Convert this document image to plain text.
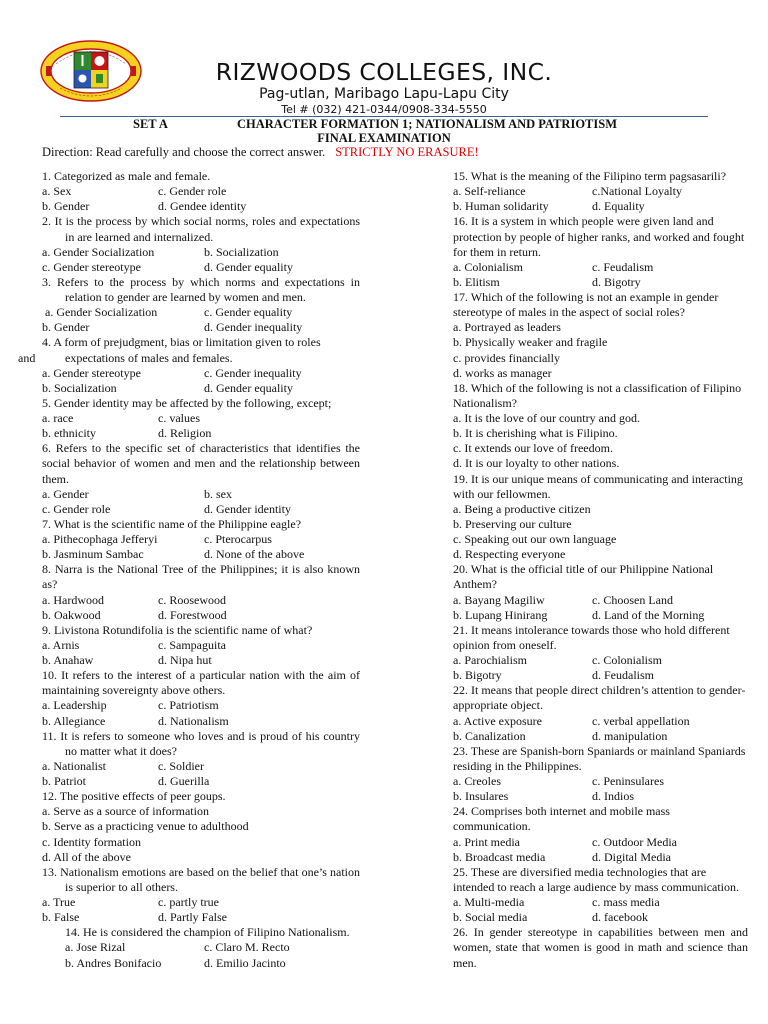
RIZWOODS COLLEGES, INC.
Pag-utlan, Maribago Lapu-Lapu City
Tel # (032) 421-0344/0908-334-5550
SET A	CHARACTER FORMATION 1; NATIONALISM AND PATRIOTISM
FINAL EXAMINATION
Direction: Read carefully and choose the correct answer. STRICTLY NO ERASURE!
1. Categorized as male and female.
a. Sex	c. Gender role
b. Gender	d. Gendee identity
2. It is the process by which social norms, roles and expectations in are learned and internalized.
a. Gender Socialization	b. Socialization
c. Gender stereotype	d. Gender equality
3. Refers to the process by which norms and expectations in relation to gender are learned by women and men.
a. Gender Socialization	c. Gender equality
b. Gender	d. Gender inequality
4. A form of prejudgment, bias or limitation given to roles
and	expectations of males and females.
a. Gender stereotype	c. Gender inequality
b. Socialization	d. Gender equality
5. Gender identity may be affected by the following, except;
a. race	c. values
b. ethnicity	d. Religion
6. Refers to the specific set of characteristics that identifies the social behavior of women and men and the relationship between them.
a. Gender	b. sex
c. Gender role	d. Gender identity
7. What is the scientific name of the Philippine eagle?
a. Pithecophaga Jefferyi	c. Pterocarpus
b. Jasminum Sambac	d. None of the above
8. Narra is the National Tree of the Philippines; it is also known as?
a. Hardwood	c. Roosewood
b. Oakwood	d. Forestwood
9. Livistona Rotundifolia is the scientific name of what?
a. Arnis	c. Sampaguita
b. Anahaw	d. Nipa hut
10. It refers to the interest of a particular nation with the aim of maintaining sovereignty above others.
a. Leadership	c. Patriotism
b. Allegiance	d. Nationalism
11. It is refers to someone who loves and is proud of his country no matter what it does?
a. Nationalist	c. Soldier
b. Patriot	d. Guerilla
12. The positive effects of peer goups.
a. Serve as a source of information
b. Serve as a practicing venue to adulthood
c. Identity formation
d. All of the above
13. Nationalism emotions are based on the belief that one’s nation is superior to all others.
a. True	c. partly true
b. False	d. Partly False
14. He is considered the champion of Filipino Nationalism.
a. Jose Rizal	c. Claro M. Recto
b. Andres Bonifacio	d. Emilio Jacinto
15. What is the meaning of the Filipino term pagsasarili?
a. Self-reliance	c.National Loyalty
b. Human solidarity	d. Equality
16. It is a system in which people were given land and protection by people of higher ranks, and worked and fought for them in return.
a. Colonialism	c. Feudalism
b. Elitism	d. Bigotry
17. Which of the following is not an example in gender stereotype of males in the aspect of social roles?
a. Portrayed as leaders
b. Physically weaker and fragile
c. provides financially
d. works as manager
18. Which of the following is not a classification of Filipino Nationalism?
a. It is the love of our country and god.
b. It is cherishing what is Filipino.
c. It extends our love of freedom.
d. It is our loyalty to other nations.
19. It is our unique means of communicating and interacting with our fellowmen.
a. Being a productive citizen
b. Preserving our culture
c. Speaking out our own language
d. Respecting everyone
20. What is the official title of our Philippine National Anthem?
a. Bayang Magiliw	c. Choosen Land
b. Lupang Hinirang	d. Land of the Morning
21. It means intolerance towards those who hold different opinion from oneself.
a. Parochialism	c. Colonialism
b. Bigotry	d. Feudalism
22. It means that people direct children’s attention to gender-appropriate object.
a. Active exposure	c. verbal appellation
b. Canalization	d. manipulation
23. These are Spanish-born Spaniards or mainland Spaniards residing in the Philippines.
a. Creoles	c. Peninsulares
b. Insulares	d. Indios
24. Comprises both internet and mobile mass communication.
a. Print media	c. Outdoor Media
b. Broadcast media	d. Digital Media
25. These are diversified media technologies that are intended to reach a large audience by mass communication.
a. Multi-media	c. mass media
b. Social media	d. facebook
26. In gender stereotype in capabilities between men and women, state that women is good in math and science than men.
